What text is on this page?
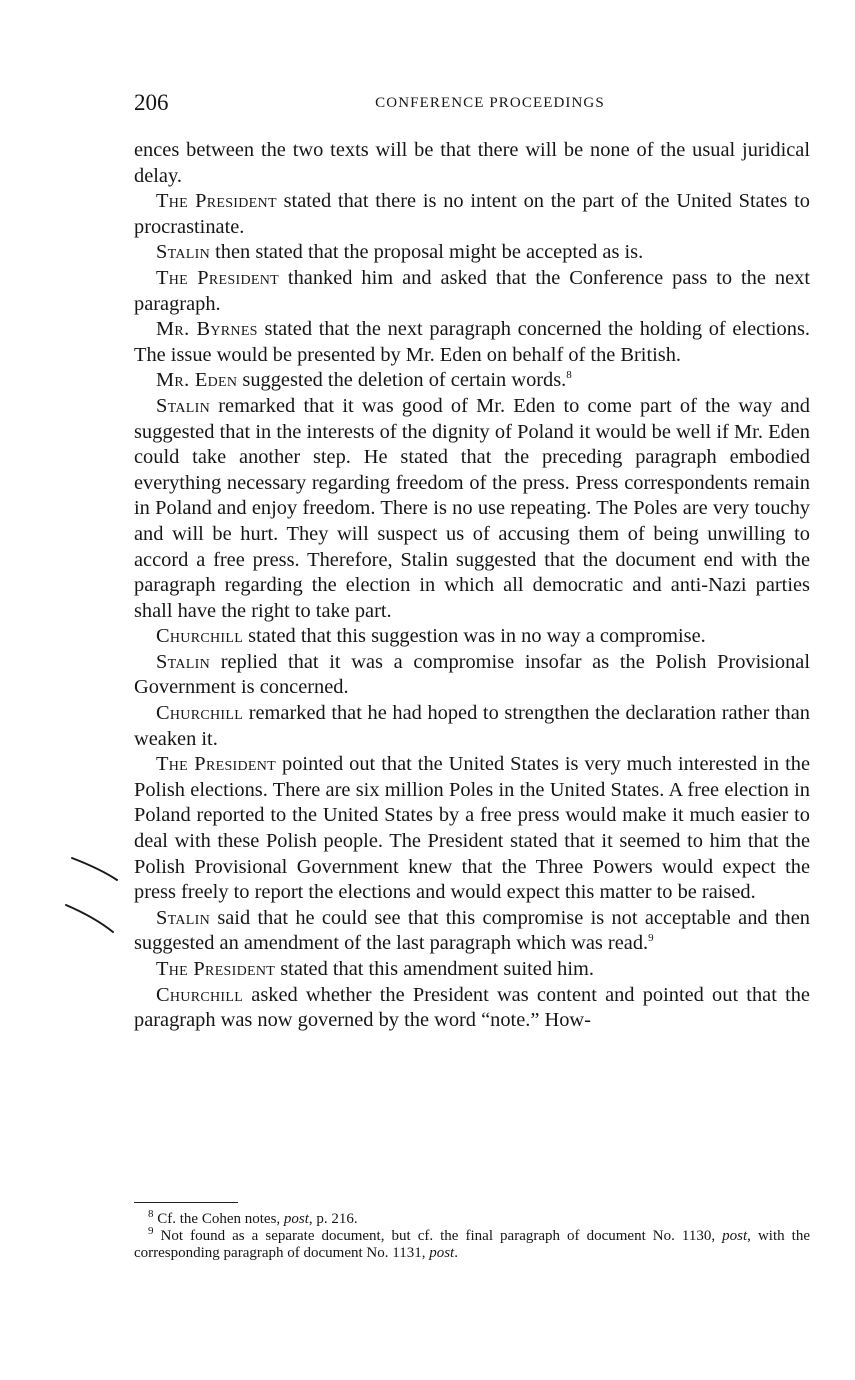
206	CONFERENCE PROCEEDINGS

ences between the two texts will be that there will be none of the usual juridical delay.

The President stated that there is no intent on the part of the United States to procrastinate.

Stalin then stated that the proposal might be accepted as is.

The President thanked him and asked that the Conference pass to the next paragraph.

Mr. Byrnes stated that the next paragraph concerned the holding of elections. The issue would be presented by Mr. Eden on behalf of the British.

Mr. Eden suggested the deletion of certain words.$^8$

Stalin remarked that it was good of Mr. Eden to come part of the way and suggested that in the interests of the dignity of Poland it would be well if Mr. Eden could take another step. He stated that the preceding paragraph embodied everything necessary regarding freedom of the press. Press correspondents remain in Poland and enjoy freedom. There is no use repeating. The Poles are very touchy and will be hurt. They will suspect us of accusing them of being unwilling to accord a free press. Therefore, Stalin suggested that the document end with the paragraph regarding the election in which all democratic and anti-Nazi parties shall have the right to take part.

Churchill stated that this suggestion was in no way a compromise.

Stalin replied that it was a compromise insofar as the Polish Provisional Government is concerned.

Churchill remarked that he had hoped to strengthen the declaration rather than weaken it.

The President pointed out that the United States is very much interested in the Polish elections. There are six million Poles in the United States. A free election in Poland reported to the United States by a free press would make it much easier to deal with these Polish people. The President stated that it seemed to him that the Polish Provisional Government knew that the Three Powers would expect the press freely to report the elections and would expect this matter to be raised.

Stalin said that he could see that this compromise is not acceptable and then suggested an amendment of the last paragraph which was read.$^9$

The President stated that this amendment suited him.

Churchill asked whether the President was content and pointed out that the paragraph was now governed by the word “note.” How-

$^8$ Cf. the Cohen notes, post, p. 216.

$^9$ Not found as a separate document, but cf. the final paragraph of document No. 1130, post, with the corresponding paragraph of document No. 1131, post.
